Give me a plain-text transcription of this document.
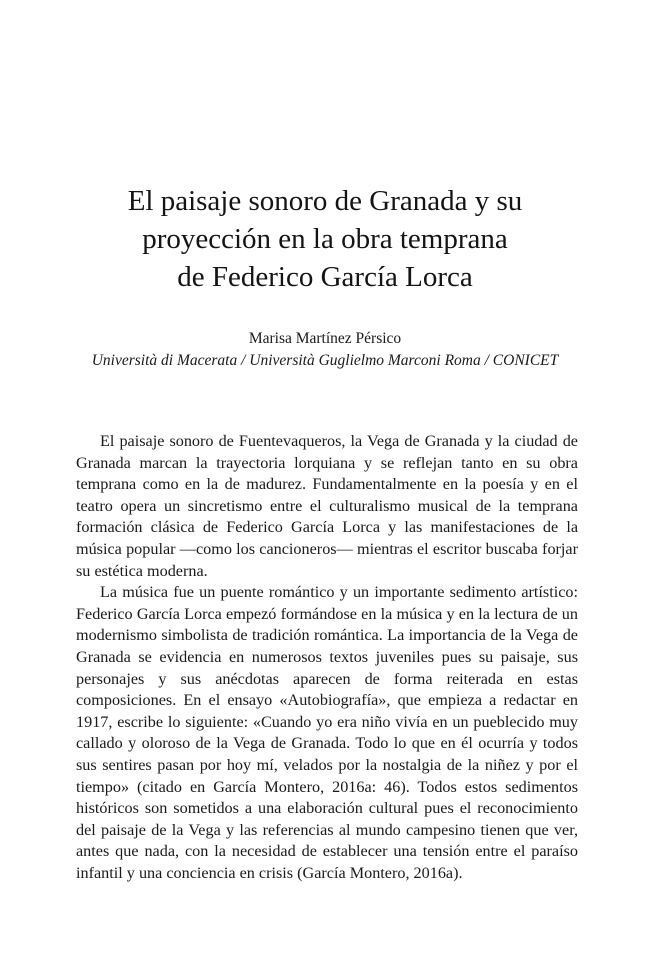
El paisaje sonoro de Granada y su
proyección en la obra temprana
de Federico García Lorca
Marisa Martínez Pérsico
Università di Macerata / Università Guglielmo Marconi Roma / CONICET

El paisaje sonoro de Fuentevaqueros, la Vega de Granada y la ciudad de Granada marcan la trayectoria lorquiana y se reflejan tanto en su obra temprana como en la de madurez. Fundamentalmente en la poesía y en el teatro opera un sincretismo entre el culturalismo musical de la temprana formación clásica de Federico García Lorca y las manifestaciones de la música popular —como los cancioneros— mientras el escritor buscaba forjar su estética moderna.

La música fue un puente romántico y un importante sedimento artístico: Federico García Lorca empezó formándose en la música y en la lectura de un modernismo simbolista de tradición romántica. La importancia de la Vega de Granada se evidencia en numerosos textos juveniles pues su paisaje, sus personajes y sus anécdotas aparecen de forma reiterada en estas composiciones. En el ensayo «Autobiografía», que empieza a redactar en 1917, escribe lo siguiente: «Cuando yo era niño vivía en un pueblecido muy callado y oloroso de la Vega de Granada. Todo lo que en él ocurría y todos sus sentires pasan por hoy mí, velados por la nostalgia de la niñez y por el tiempo» (citado en García Montero, 2016a: 46). Todos estos sedimentos históricos son sometidos a una elaboración cultural pues el reconocimiento del paisaje de la Vega y las referencias al mundo campesino tienen que ver, antes que nada, con la necesidad de establecer una tensión entre el paraíso infantil y una conciencia en crisis (García Montero, 2016a).
